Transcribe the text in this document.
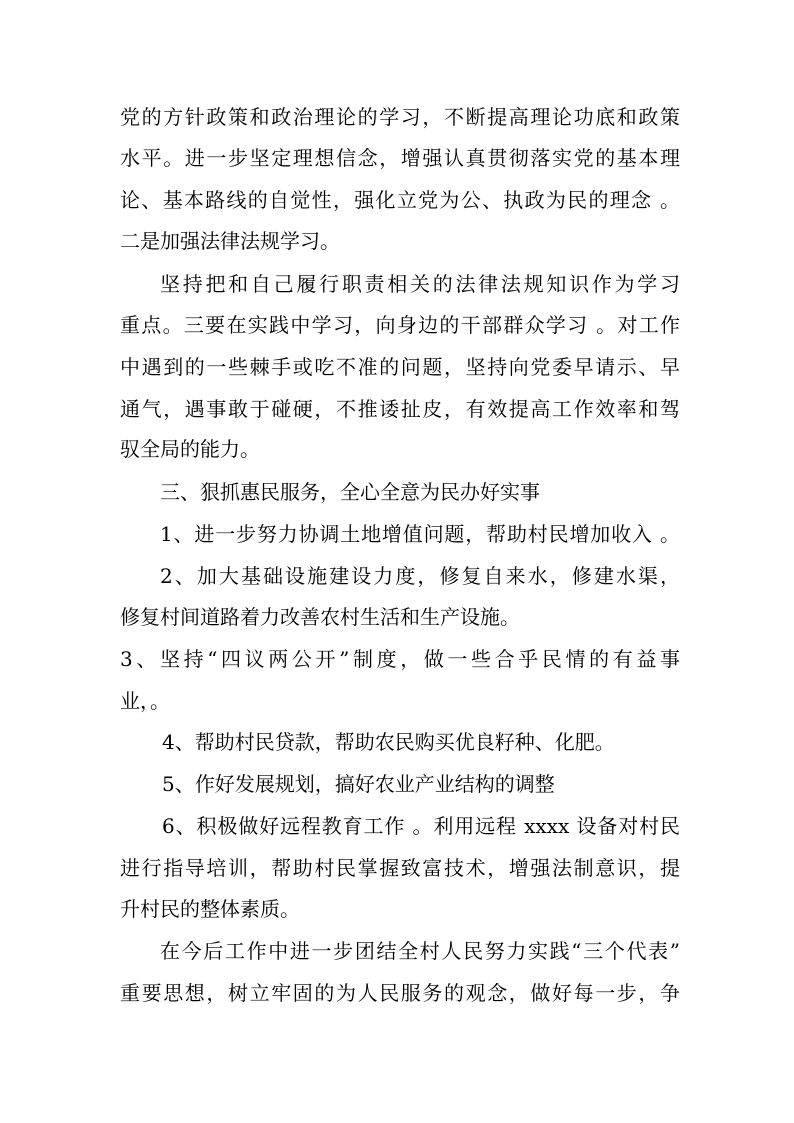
党的方针政策和政治理论的学习，不断提高理论功底和政策
水平。进一步坚定理想信念，增强认真贯彻落实党的基本理
论、基本路线的自觉性，强化立党为公、执政为民的理念 。
二是加强法律法规学习。
坚持把和自己履行职责相关的法律法规知识作为学习
重点。三要在实践中学习，向身边的干部群众学习 。对工作
中遇到的一些棘手或吃不准的问题，坚持向党委早请示、早
通气，遇事敢于碰硬，不推诿扯皮，有效提高工作效率和驾
驭全局的能力。
三、狠抓惠民服务，全心全意为民办好实事
1、进一步努力协调土地增值问题，帮助村民增加收入 。
2、加大基础设施建设力度，修复自来水，修建水渠，
修复村间道路着力改善农村生活和生产设施。
3、坚持“四议两公开”制度，做一些合乎民情的有益事
业，。
4、帮助村民贷款，帮助农民购买优良籽种、化肥。
5、作好发展规划，搞好农业产业结构的调整
6、积极做好远程教育工作 。利用远程 xxxx 设备对村民
进行指导培训，帮助村民掌握致富技术，增强法制意识，提
升村民的整体素质。
在今后工作中进一步团结全村人民努力实践“三个代表”
重要思想，树立牢固的为人民服务的观念，做好每一步，争
